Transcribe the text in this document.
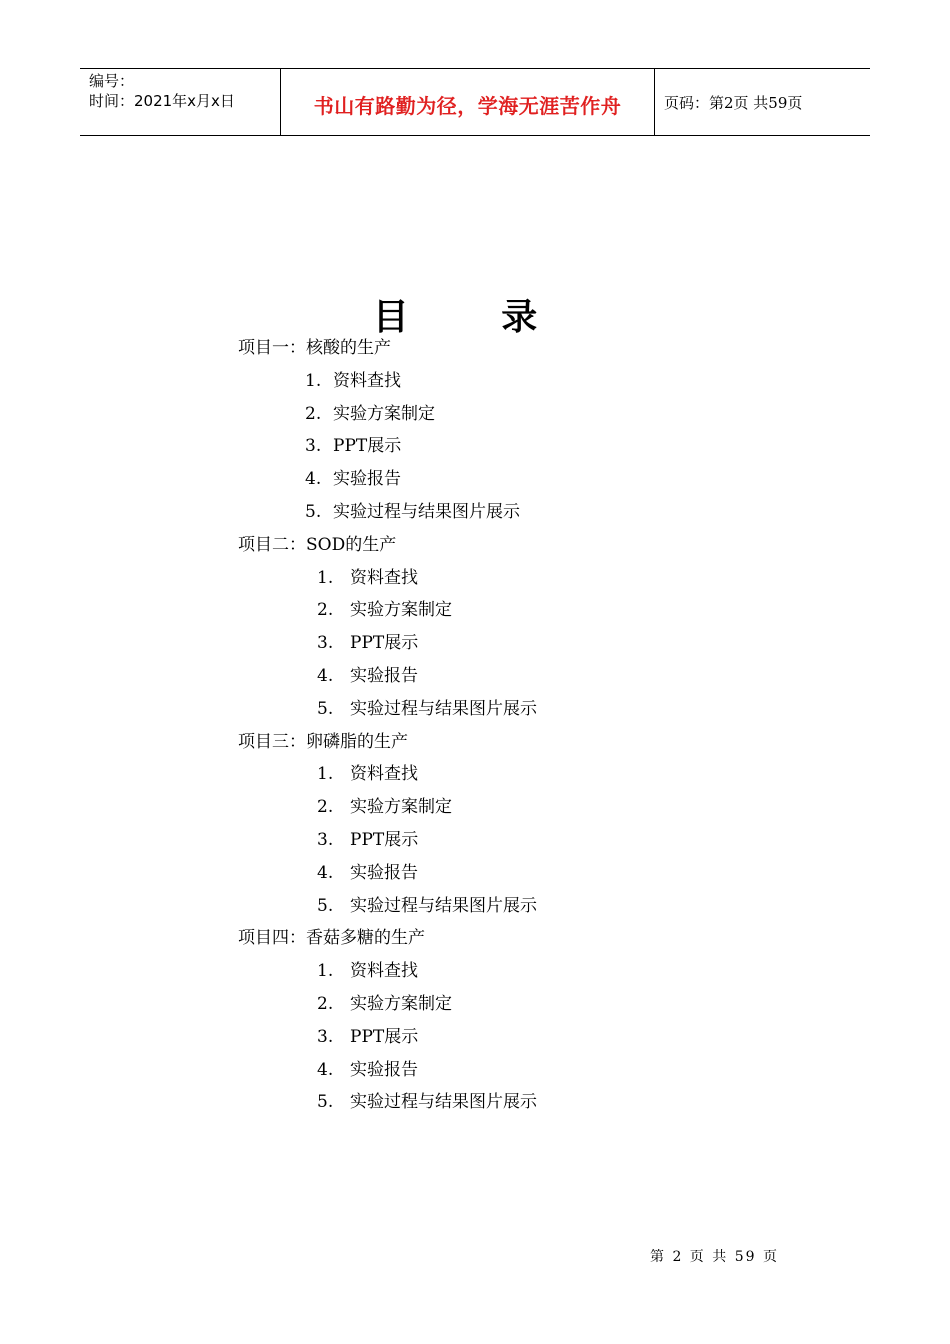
编号：
时间：2021年x月x日	书山有路勤为径，学海无涯苦作舟	页码：第2页 共59页
目 录
项目一：核酸的生产
1. 资料查找
2. 实验方案制定
3. PPT展示
4. 实验报告
5. 实验过程与结果图片展示
项目二：SOD的生产
1. 资料查找
2. 实验方案制定
3. PPT展示
4. 实验报告
5. 实验过程与结果图片展示
项目三：卵磷脂的生产
1. 资料查找
2. 实验方案制定
3. PPT展示
4. 实验报告
5. 实验过程与结果图片展示
项目四：香菇多糖的生产
1. 资料查找
2. 实验方案制定
3. PPT展示
4. 实验报告
5. 实验过程与结果图片展示
第 2 页 共 59 页
